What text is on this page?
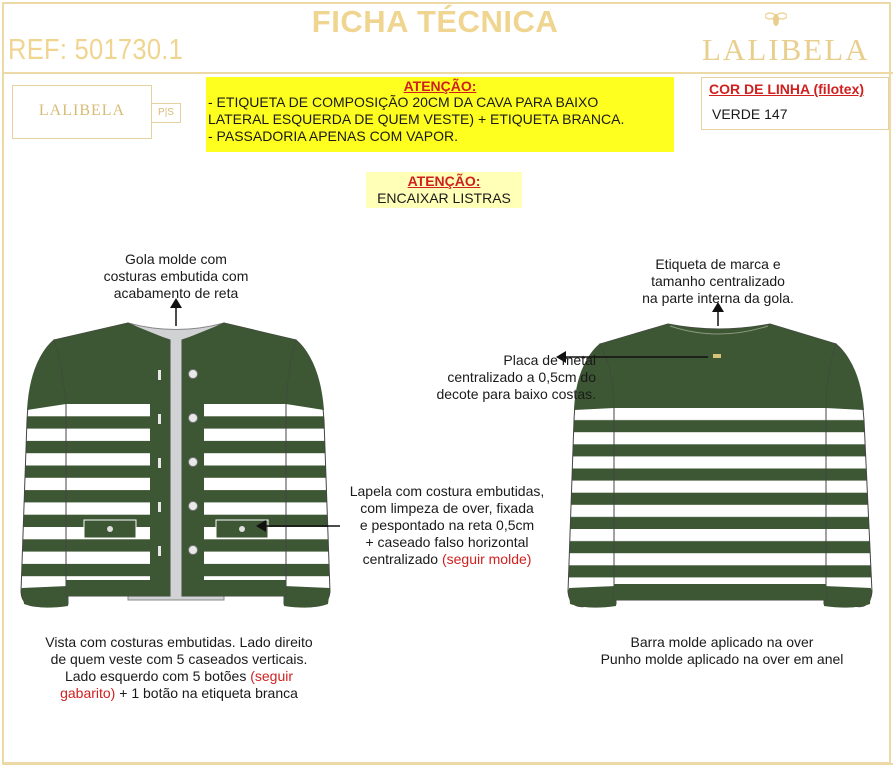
FICHA TÉCNICA
REF: 501730.1	LALIBELA
LALIBELA	P|S
ATENÇÃO:
- ETIQUETA DE COMPOSIÇÃO 20CM DA CAVA PARA BAIXO
LATERAL ESQUERDA DE QUEM VESTE) + ETIQUETA BRANCA.
- PASSADORIA APENAS COM VAPOR.
COR DE LINHA (filotex)
VERDE 147
ATENÇÃO:
ENCAIXAR LISTRAS
Gola molde com
costuras embutida com
acabamento de reta
Lapela com costura embutidas,
com limpeza de over, fixada
e pespontado na reta 0,5cm
+ caseado falso horizontal
centralizado (seguir molde)
Vista com costuras embutidas. Lado direito
de quem veste com 5 caseados verticais.
Lado esquerdo com 5 botões (seguir
gabarito) + 1 botão na etiqueta branca
Etiqueta de marca e
tamanho centralizado
na parte interna da gola.
Placa de metal
centralizado a 0,5cm do
decote para baixo costas.
Barra molde aplicado na over
Punho molde aplicado na over em anel
